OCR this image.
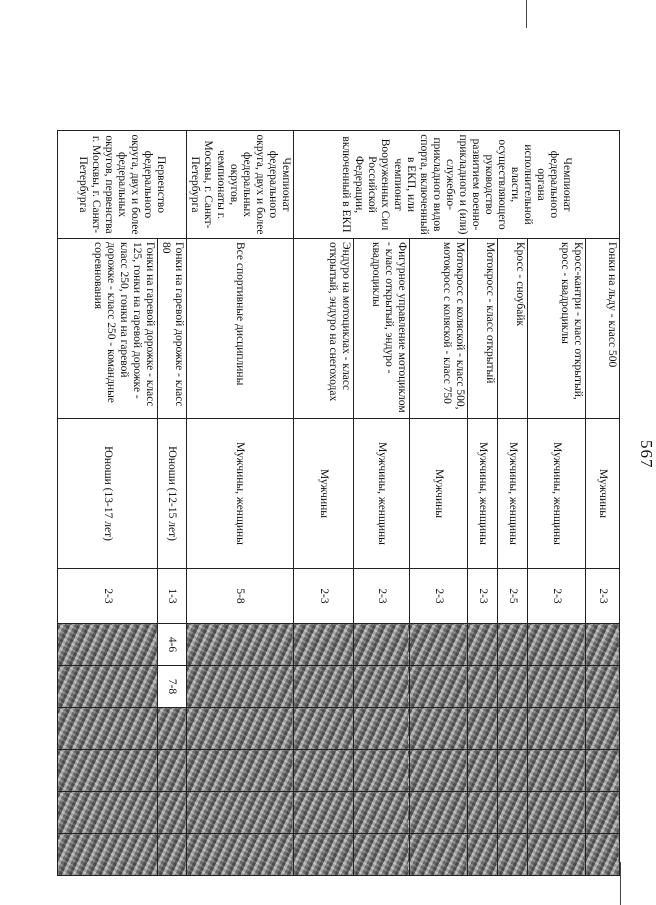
567
Чемпионат федерального органа исполнительной власти, осуществляющего руководство развитием военно-прикладного и (или) служебно-прикладного видов спорта, включенный в ЕКП, или чемпионат Вооруженных Сил Российской Федерации, включенный в ЕКП	Гонки на льду - класс 500	Мужчины	2-3						
	Кросс-кантри - класс открытый, кросс - квадроциклы	Мужчины, женщины	2-3						
	Кросс - сноубайк	Мужчины, женщины	2-5						
	Мотокросс - класс открытый	Мужчины, женщины	2-3						
	Мотокросс с коляской - класс 500, мотокросс с коляской - класс 750	Мужчины	2-3						
	Фигурное управление мотоциклом - класс открытый, эндуро - квадроциклы	Мужчины, женщины	2-3						
	Эндуро на мотоциклах - класс открытый, эндуро на снегоходах	Мужчины	2-3						
Чемпионат федерального округа, двух и более федеральных округов, чемпионаты г. Москвы, г. Санкт-Петербурга	Все спортивные дисциплины	Мужчины, женщины	5-8						
Первенство федерального округа, двух и более федеральных округов, первенства г. Москвы, г. Санкт-Петербурга	Гонки на гаревой дорожке - класс 80	Юноши (12-15 лет)	1-3	4-6	7-8				
	Гонки на гаревой дорожке - класс 125, гонки на гаревой дорожке - класс 250, гонки на гаревой дорожке - класс 250 - командные соревнования	Юноши (13-17 лет)	2-3						
